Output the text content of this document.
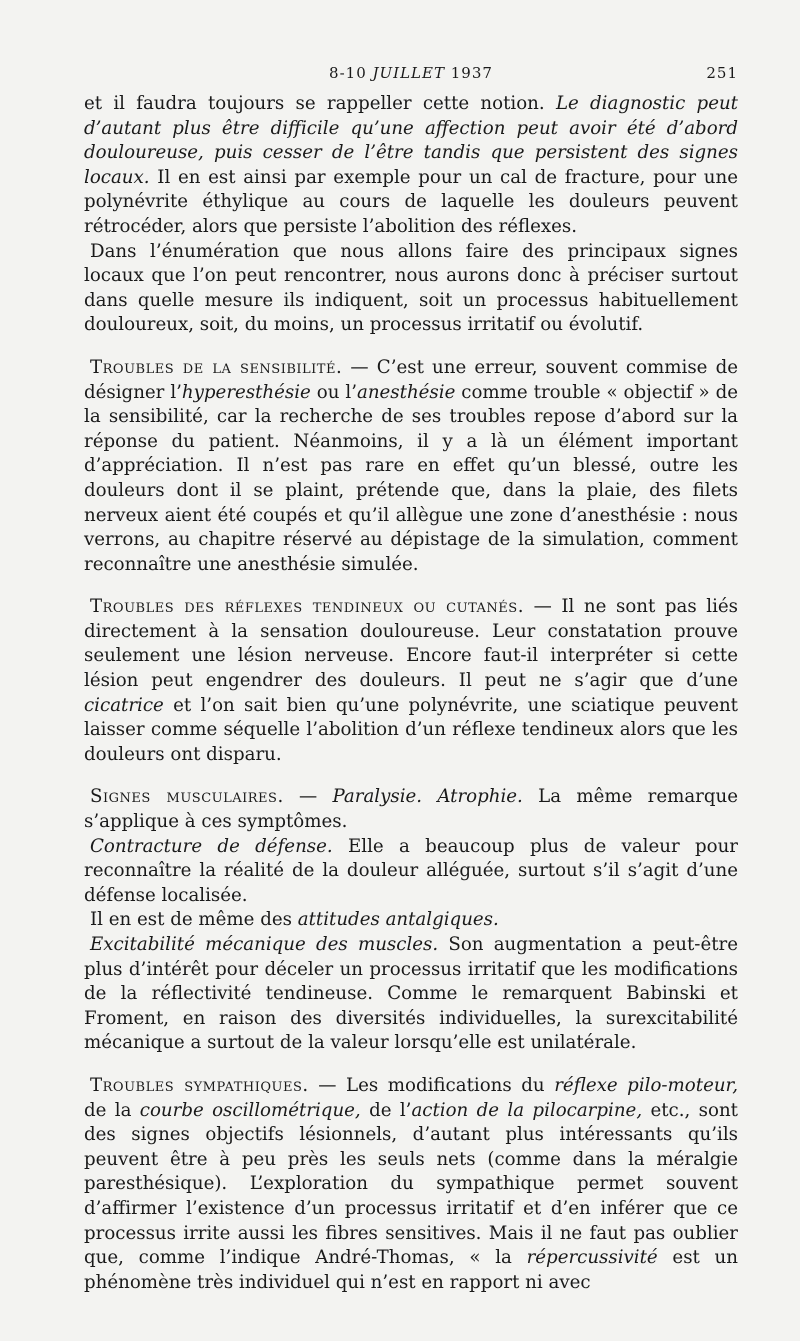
8-10 JUILLET 1937	251

et il faudra toujours se rappeller cette notion. Le diagnostic peut d’autant plus être difficile qu’une affection peut avoir été d’abord douloureuse, puis cesser de l’être tandis que persistent des signes locaux. Il en est ainsi par exemple pour un cal de fracture, pour une polynévrite éthylique au cours de laquelle les douleurs peuvent rétrocéder, alors que persiste l’abolition des réflexes.

Dans l’énumération que nous allons faire des principaux signes locaux que l’on peut rencontrer, nous aurons donc à préciser surtout dans quelle mesure ils indiquent, soit un processus habituellement douloureux, soit, du moins, un processus irritatif ou évolutif.

Troubles de la sensibilité. — C’est une erreur, souvent commise de désigner l’hyperesthésie ou l’anesthésie comme trouble « objectif » de la sensibilité, car la recherche de ses troubles repose d’abord sur la réponse du patient. Néanmoins, il y a là un élément important d’appréciation. Il n’est pas rare en effet qu’un blessé, outre les douleurs dont il se plaint, prétende que, dans la plaie, des filets nerveux aient été coupés et qu’il allègue une zone d’anesthésie : nous verrons, au chapitre réservé au dépistage de la simulation, comment reconnaître une anesthésie simulée.

Troubles des réflexes tendineux ou cutanés. — Il ne sont pas liés directement à la sensation douloureuse. Leur constatation prouve seulement une lésion nerveuse. Encore faut-il interpréter si cette lésion peut engendrer des douleurs. Il peut ne s’agir que d’une cicatrice et l’on sait bien qu’une polynévrite, une sciatique peuvent laisser comme séquelle l’abolition d’un réflexe tendineux alors que les douleurs ont disparu.

Signes musculaires. — Paralysie. Atrophie. La même remarque s’applique à ces symptômes.

Contracture de défense. Elle a beaucoup plus de valeur pour reconnaître la réalité de la douleur alléguée, surtout s’il s’agit d’une défense localisée.

Il en est de même des attitudes antalgiques.

Excitabilité mécanique des muscles. Son augmentation a peut-être plus d’intérêt pour déceler un processus irritatif que les modifications de la réflectivité tendineuse. Comme le remarquent Babinski et Froment, en raison des diversités individuelles, la surexcitabilité mécanique a surtout de la valeur lorsqu’elle est unilatérale.

Troubles sympathiques. — Les modifications du réflexe pilo-moteur, de la courbe oscillométrique, de l’action de la pilocarpine, etc., sont des signes objectifs lésionnels, d’autant plus intéressants qu’ils peuvent être à peu près les seuls nets (comme dans la méralgie paresthésique). L’exploration du sympathique permet souvent d’affirmer l’existence d’un processus irritatif et d’en inférer que ce processus irrite aussi les fibres sensitives. Mais il ne faut pas oublier que, comme l’indique André-Thomas, « la répercussivité est un phénomène très individuel qui n’est en rapport ni avec
